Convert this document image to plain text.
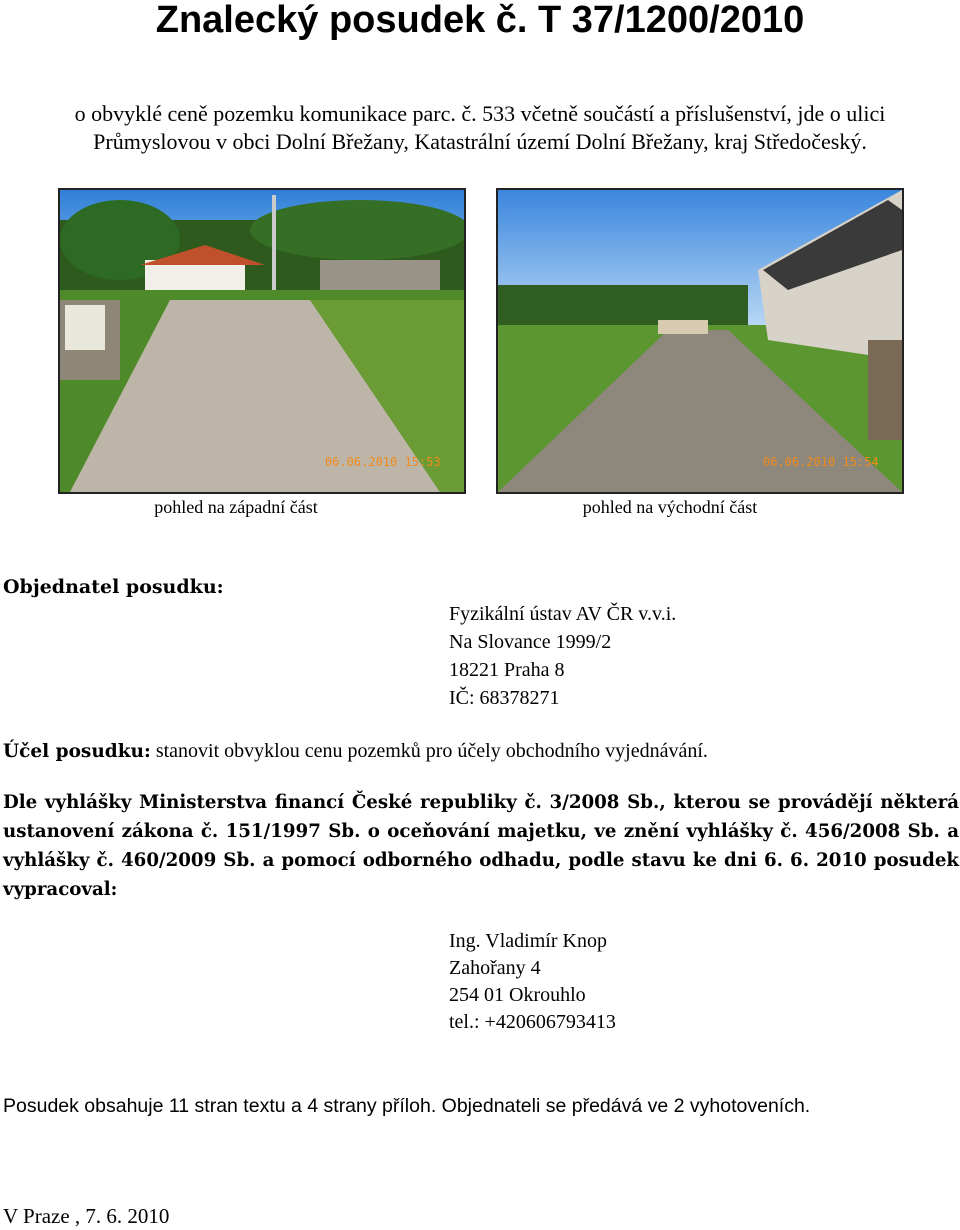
Znalecký posudek č. T 37/1200/2010
o obvyklé ceně pozemku komunikace parc. č. 533 včetně součástí a příslušenství, jde o ulici
Průmyslovou v obci Dolní Břežany, Katastrální území Dolní Břežany, kraj Středočeský.
06.06.2010 15:53
pohled na západní část
06.06.2010 15:54
pohled na východní část
Objednatel posudku:
Fyzikální ústav AV ČR v.v.i.
Na Slovance 1999/2
18221 Praha 8
IČ: 68378271
Účel posudku: stanovit obvyklou cenu pozemků pro účely obchodního vyjednávání.
Dle vyhlášky Ministerstva financí České republiky č. 3/2008 Sb., kterou se provádějí některá ustanovení zákona č. 151/1997 Sb. o oceňování majetku, ve znění vyhlášky č. 456/2008 Sb. a vyhlášky č. 460/2009 Sb. a pomocí odborného odhadu, podle stavu ke dni 6. 6. 2010 posudek vypracoval:
Ing. Vladimír Knop
Zahořany 4
254 01 Okrouhlo
tel.: +420606793413
Posudek obsahuje 11 stran textu a 4 strany příloh. Objednateli se předává ve 2 vyhotoveních.
V Praze , 7. 6. 2010
